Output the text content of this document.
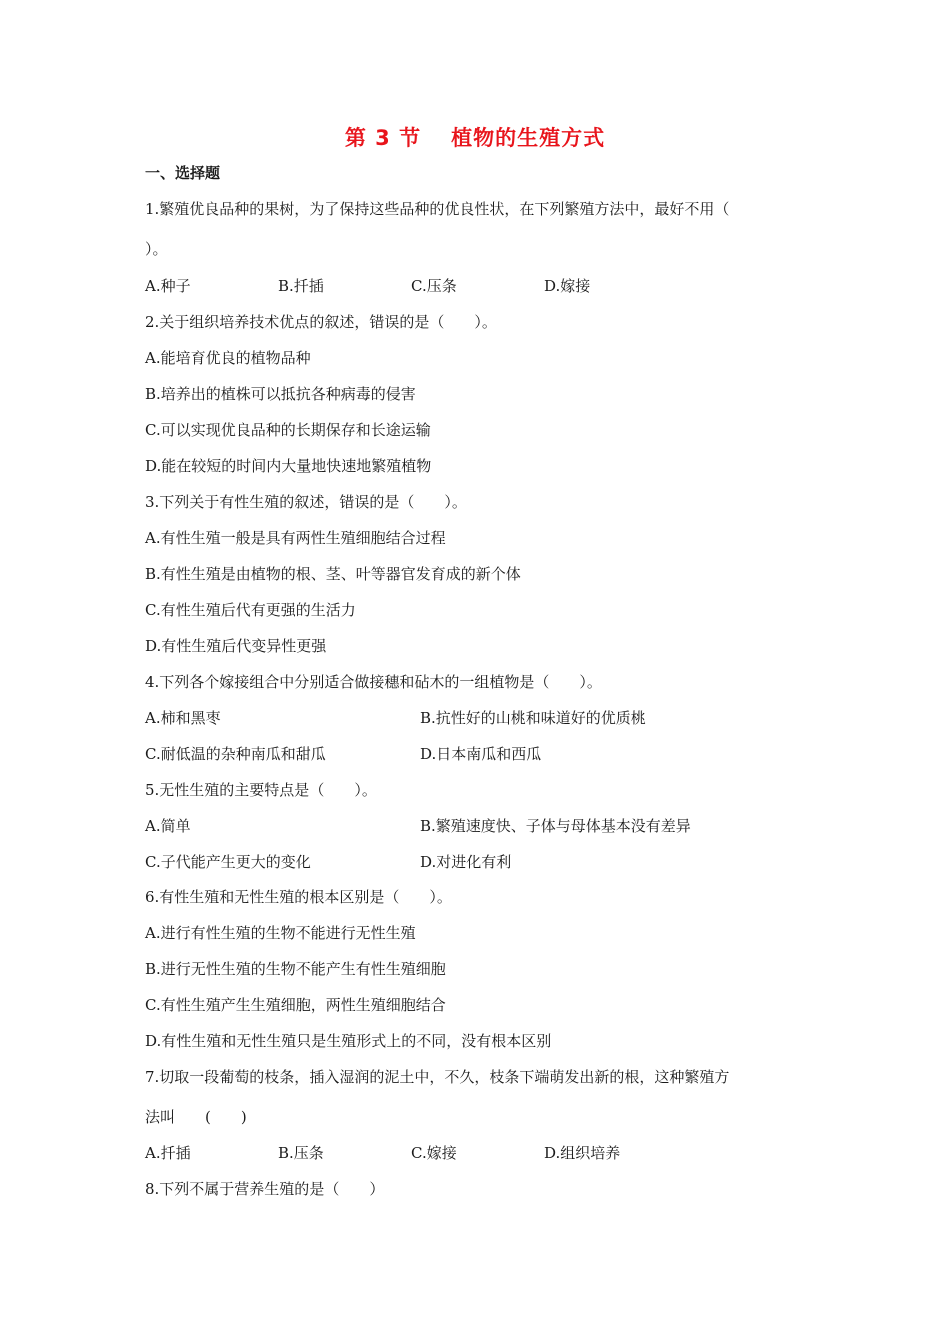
第 3 节 植物的生殖方式
一、选择题
1.繁殖优良品种的果树，为了保持这些品种的优良性状，在下列繁殖方法中，最好不用（
）。
A.种子	B.扦插	C.压条	D.嫁接
2.关于组织培养技术优点的叙述，错误的是（　　）。
A.能培育优良的植物品种
B.培养出的植株可以抵抗各种病毒的侵害
C.可以实现优良品种的长期保存和长途运输
D.能在较短的时间内大量地快速地繁殖植物
3.下列关于有性生殖的叙述，错误的是（　　）。
A.有性生殖一般是具有两性生殖细胞结合过程
B.有性生殖是由植物的根、茎、叶等器官发育成的新个体
C.有性生殖后代有更强的生活力
D.有性生殖后代变异性更强
4.下列各个嫁接组合中分别适合做接穗和砧木的一组植物是（　　）。
A.柿和黑枣	B.抗性好的山桃和味道好的优质桃
C.耐低温的杂种南瓜和甜瓜	D.日本南瓜和西瓜
5.无性生殖的主要特点是（　　）。
A.简单	B.繁殖速度快、子体与母体基本没有差异
C.子代能产生更大的变化	D.对进化有利
6.有性生殖和无性生殖的根本区别是（　　）。
A.进行有性生殖的生物不能进行无性生殖
B.进行无性生殖的生物不能产生有性生殖细胞
C.有性生殖产生生殖细胞，两性生殖细胞结合
D.有性生殖和无性生殖只是生殖形式上的不同，没有根本区别
7.切取一段葡萄的枝条，插入湿润的泥土中，不久，枝条下端萌发出新的根，这种繁殖方
法叫　　(　　)
A.扦插	B.压条	C.嫁接	D.组织培养
8.下列不属于营养生殖的是（　　）
